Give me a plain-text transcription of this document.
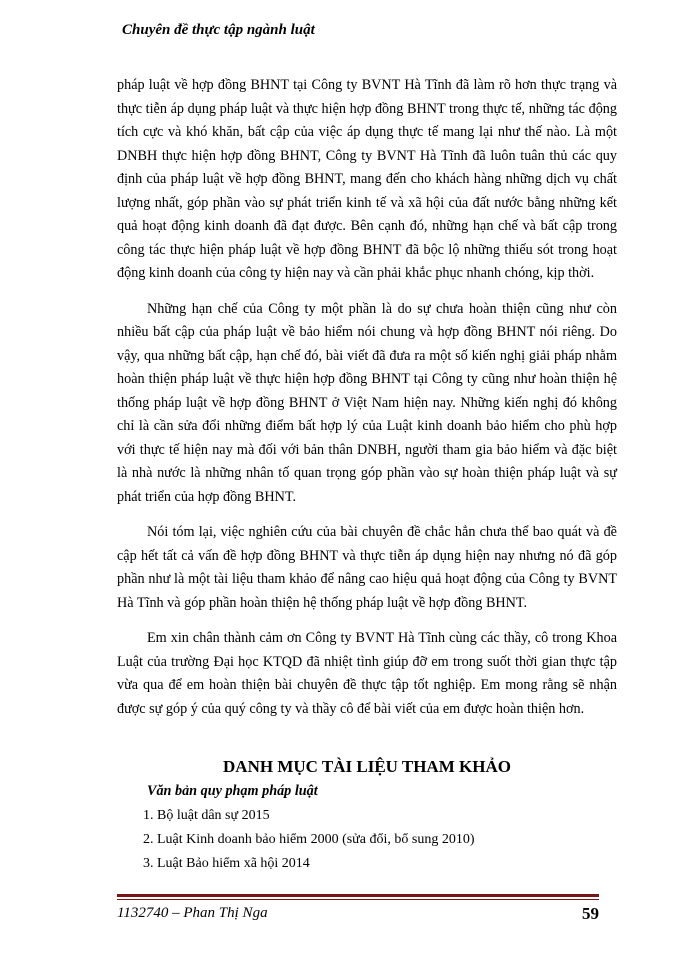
Chuyên đề thực tập ngành luật

pháp luật về hợp đồng BHNT tại Công ty BVNT Hà Tĩnh đã làm rõ hơn thực trạng và thực tiễn áp dụng pháp luật và thực hiện hợp đồng BHNT trong thực tế, những tác động tích cực và khó khăn, bất cập của việc áp dụng thực tế mang lại như thế nào. Là một DNBH thực hiện hợp đồng BHNT, Công ty BVNT Hà Tĩnh đã luôn tuân thủ các quy định của pháp luật về hợp đồng BHNT, mang đến cho khách hàng những dịch vụ chất lượng nhất, góp phần vào sự phát triển kinh tế và xã hội của đất nước bằng những kết quả hoạt động kinh doanh đã đạt được. Bên cạnh đó, những hạn chế và bất cập trong công tác thực hiện pháp luật về hợp đồng BHNT đã bộc lộ những thiếu sót trong hoạt động kinh doanh của công ty hiện nay và cần phải khắc phục nhanh chóng, kịp thời.

Những hạn chế của Công ty một phần là do sự chưa hoàn thiện cũng như còn nhiều bất cập của pháp luật về bảo hiểm nói chung và hợp đồng BHNT nói riêng. Do vậy, qua những bất cập, hạn chế đó, bài viết đã đưa ra một số kiến nghị giải pháp nhằm hoàn thiện pháp luật về thực hiện hợp đồng BHNT tại Công ty cũng như hoàn thiện hệ thống pháp luật về hợp đồng BHNT ở Việt Nam hiện nay. Những kiến nghị đó không chỉ là cần sửa đổi những điểm bất hợp lý của Luật kinh doanh bảo hiểm cho phù hợp với thực tế hiện nay mà đối với bản thân DNBH, người tham gia bảo hiểm và đặc biệt là nhà nước là những nhân tố quan trọng góp phần vào sự hoàn thiện pháp luật và sự phát triển của hợp đồng BHNT.

Nói tóm lại, việc nghiên cứu của bài chuyên đề chắc hẳn chưa thể bao quát và đề cập hết tất cả vấn đề hợp đồng BHNT và thực tiễn áp dụng hiện nay nhưng nó đã góp phần như là một tài liệu tham khảo để nâng cao hiệu quả hoạt động của Công ty BVNT Hà Tĩnh và góp phần hoàn thiện hệ thống pháp luật về hợp đồng BHNT.

Em xin chân thành cảm ơn Công ty BVNT Hà Tĩnh cùng các thầy, cô trong Khoa Luật của trường Đại học KTQD đã nhiệt tình giúp đỡ em trong suốt thời gian thực tập vừa qua để em hoàn thiện bài chuyên đề thực tập tốt nghiệp. Em mong rằng sẽ nhận được sự góp ý của quý công ty và thầy cô để bài viết của em được hoàn thiện hơn.

DANH MỤC TÀI LIỆU THAM KHẢO
Văn bản quy phạm pháp luật
1. Bộ luật dân sự 2015
2. Luật Kinh doanh bảo hiểm 2000 (sửa đổi, bổ sung 2010)
3. Luật Bảo hiểm xã hội 2014
1132740 – Phan Thị Nga	59
